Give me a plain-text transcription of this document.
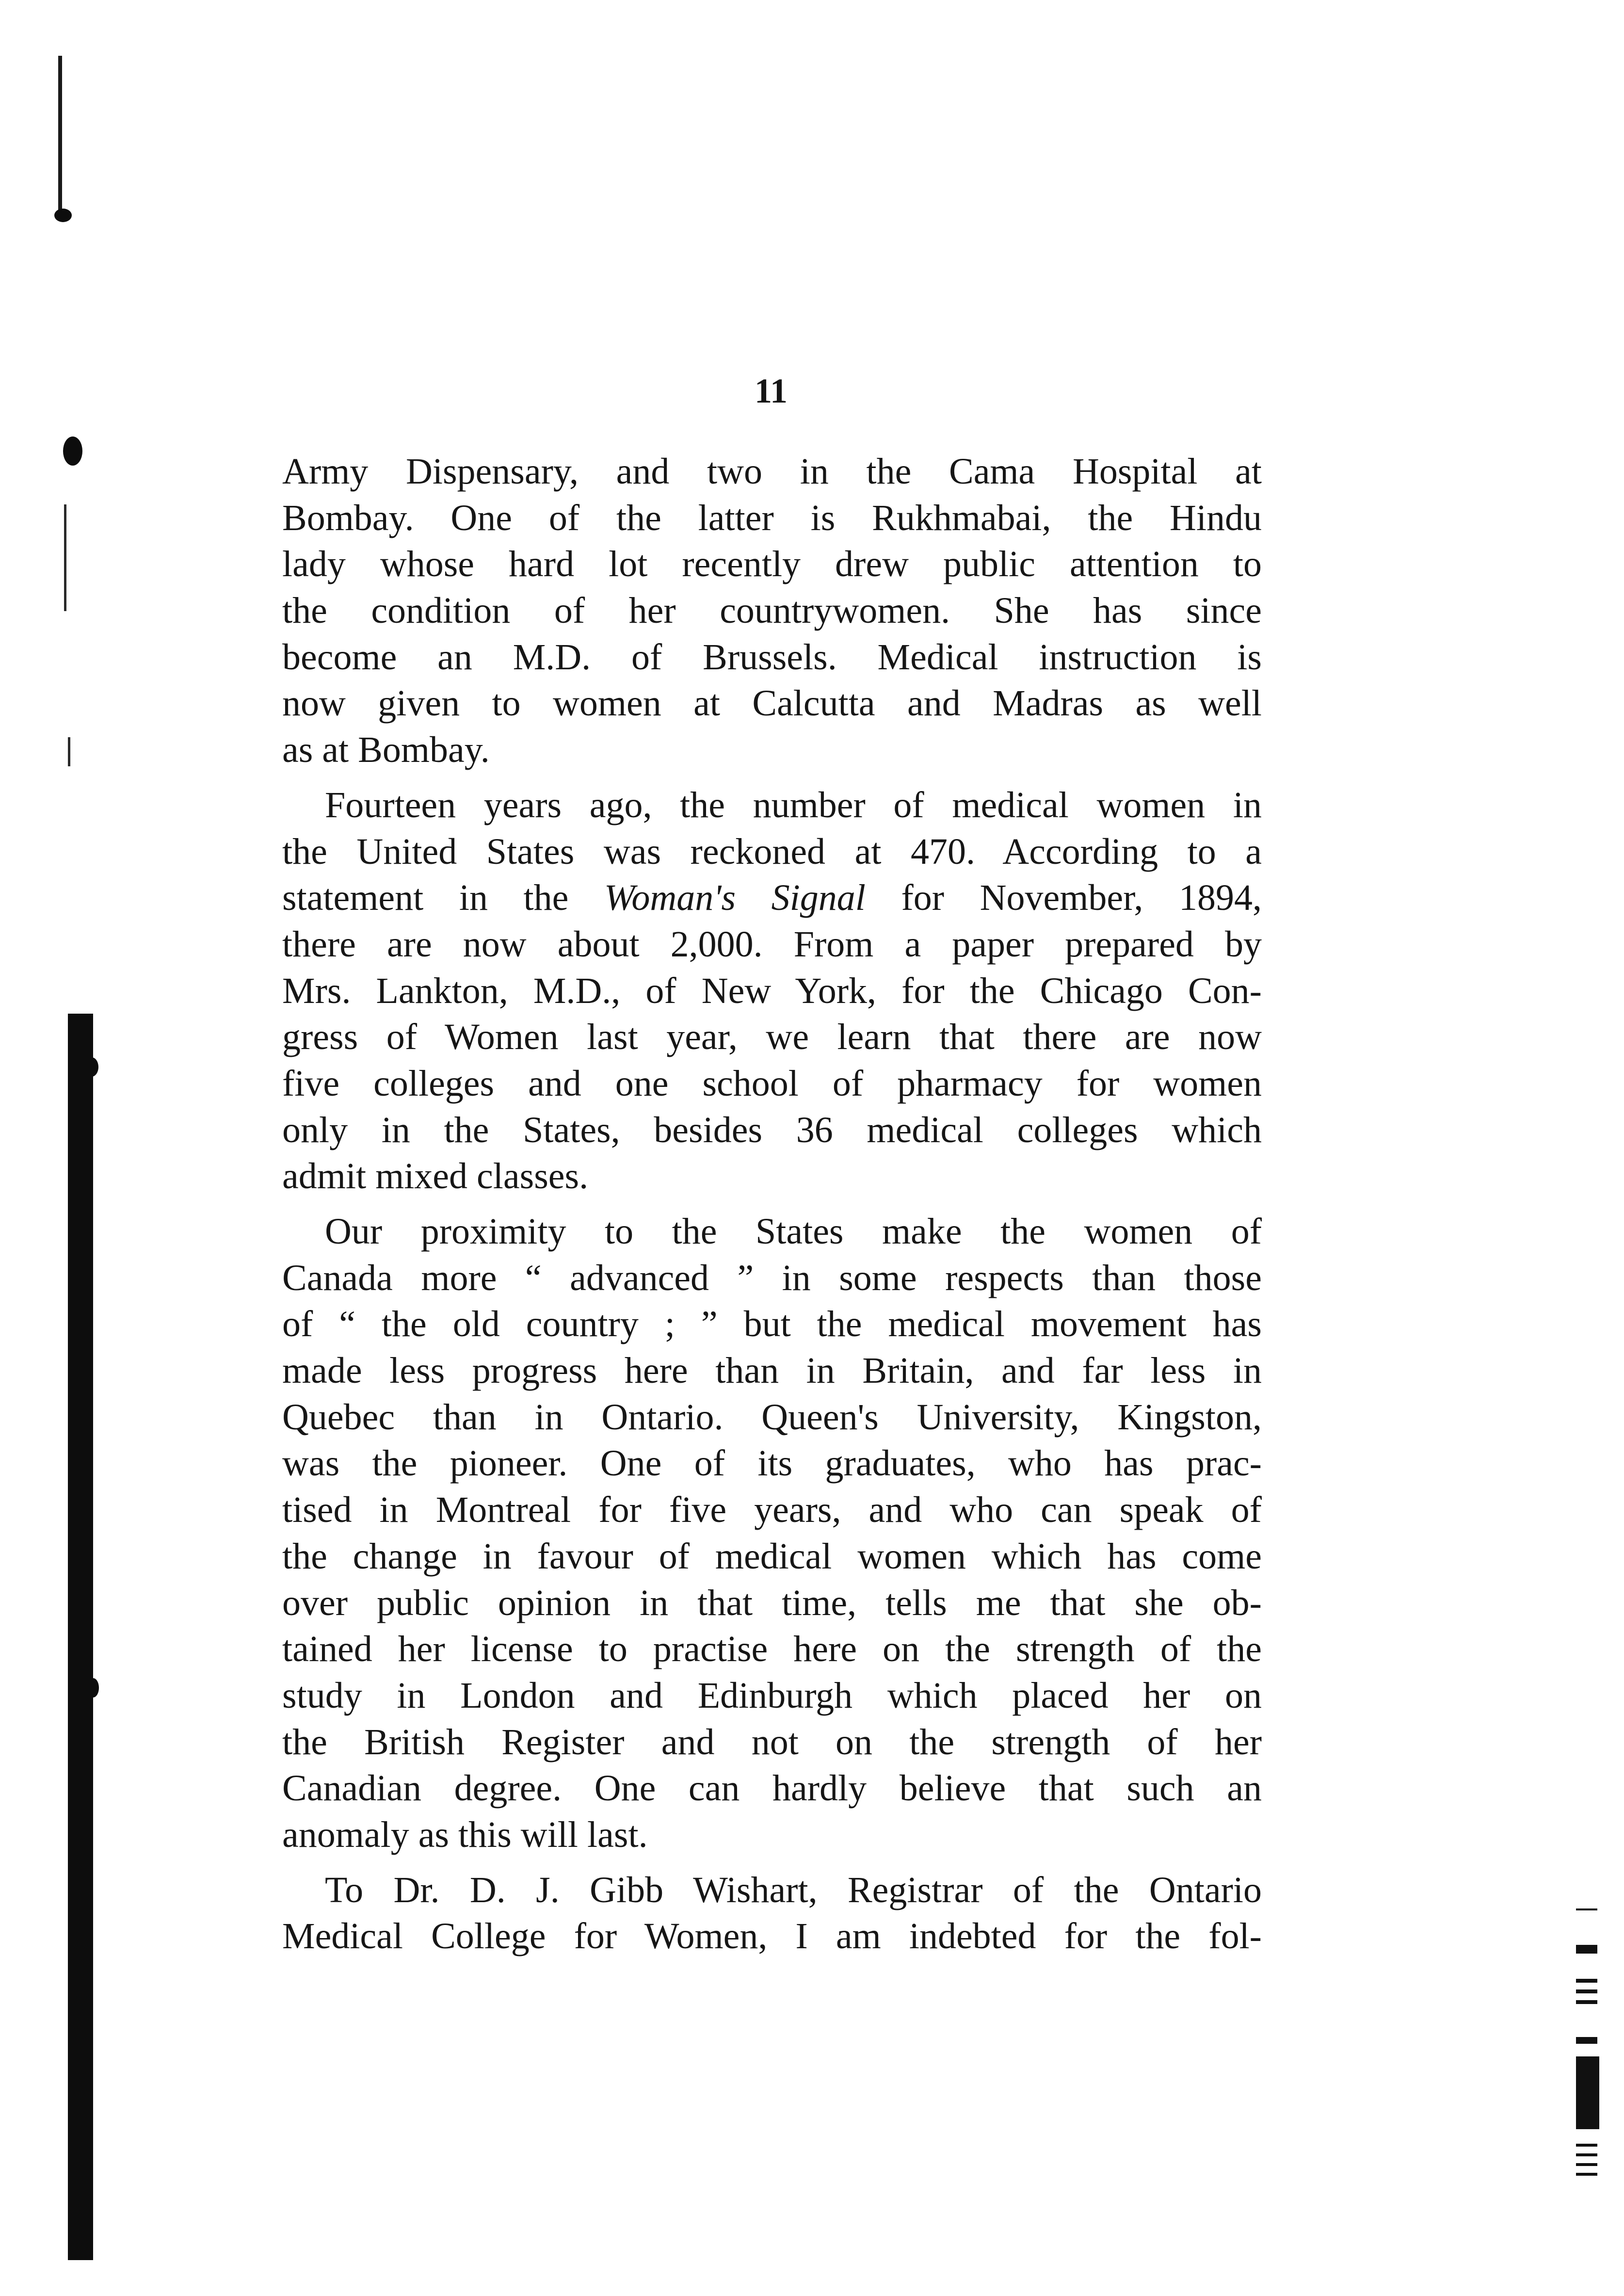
11
Army Dispensary, and two in the Cama Hospital at
Bombay. One of the latter is Rukhmabai, the Hindu
lady whose hard lot recently drew public attention to
the condition of her countrywomen. She has since
become an M.D. of Brussels. Medical instruction is
now given to women at Calcutta and Madras as well
as at Bombay.
Fourteen years ago, the number of medical women in
the United States was reckoned at 470. According to a
statement in the Woman's Signal for November, 1894,
there are now about 2,000. From a paper prepared by
Mrs. Lankton, M.D., of New York, for the Chicago Con-
gress of Women last year, we learn that there are now
five colleges and one school of pharmacy for women
only in the States, besides 36 medical colleges which
admit mixed classes.
Our proximity to the States make the women of
Canada more “ advanced ” in some respects than those
of “ the old country ; ” but the medical movement has
made less progress here than in Britain, and far less in
Quebec than in Ontario. Queen's University, Kingston,
was the pioneer. One of its graduates, who has prac-
tised in Montreal for five years, and who can speak of
the change in favour of medical women which has come
over public opinion in that time, tells me that she ob-
tained her license to practise here on the strength of the
study in London and Edinburgh which placed her on
the British Register and not on the strength of her
Canadian degree. One can hardly believe that such an
anomaly as this will last.
To Dr. D. J. Gibb Wishart, Registrar of the Ontario
Medical College for Women, I am indebted for the fol-
